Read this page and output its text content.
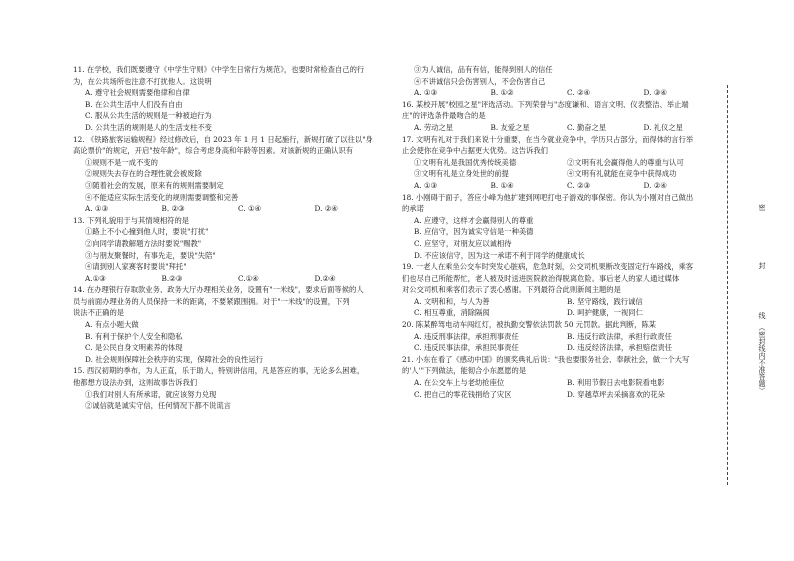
11. 在学校，我们既要遵守《中学生守则》《中学生日常行为规范》，也要时常检查自己的行

为，在公共场所也注意不打扰他人。这说明

A. 遵守社会规则需要他律和自律

B. 在公共生活中人们没有自由

C. 服从公共生活的规则是一种被迫行为

D. 公共生活的规则是人的生活支柱不变

12. 《铁路旅客运输规程》经过修改后，自 2023 年 1 月 1 日起施行，新规打破了以往以"身

高论票价"的规定，开启"按年龄"，综合考虑身高和年龄等因素。对该新规的正确认识有

①规则不是一成不变的

②规则失去存在的合理性就会被废除

③随着社会的发展，原来有的规则需要制定

④不能适应实际生活变化的规则需要调整和完善

A. ①③	B. ②③	C. ①④	D. ②④

13. 下列礼貌用于与其情境相符的是

①路上不小心撞到他人时，要说"打扰"

②向同学请教解题方法时要说"赐教"

③与朋友聚餐时，有事先走，要说"失陪"

④请到别人家赛客时要说"拜托"

A.①③	B.②③	C.①④	D.②④

14. 在办理银行存取款业务、政务大厅办理相关业务，设置有"一米线"，要求后面等候的人

员与前面办理业务的人员保持一米的距离，不要紧跟围拥。对于"一米线"的设置，下列

说法不正确的是

A. 有点小题大做

B. 有利于保护个人安全和隐私

C. 是公民自身文明素养的体现

D. 社会规则保障社会秩序的实现，保障社会的良性运行

15. 西汉初期的季布，为人正直，乐于助人，特别讲信用，凡是答应的事，无论多么困难，

他都想方设法办到，这则故事告诉我们

①我们对别人有所承诺，就应该努力兑现

②诚信就是诚实守信，任何情况下都不说谎言

③为人诚信，品有有信，能得到别人的信任

④不讲诚信只会伤害别人，不会伤害自己

A. ①③	B. ①②	C. ②④	D. ③④

16. 某校开展"校园之星"评选活动。下列荣誉与"态度谦和、语言文明、仪表整洁、举止端

庄"的评选条件最吻合的是

A. 劳动之星	B. 友爱之星	C. 勤奋之星	D. 礼仪之星

17. 文明有礼对于我们来说十分重要，在当今就业竞争中，学历只占部分，而得体的言行举

止会使你在竞争中占据更大优势。这告诉我们

①文明有礼是我国优秀传统美德	②文明有礼会赢得他人的尊重与认可
③文明有礼是立身处世的前提	④文明有礼就能在竞争中获得成功
A. ①③	B. ①④	C. ②③	D. ②④

18. 小刚碍于面子，答应小峰为他扩建到网吧打电子游戏的事保密。你认为小刚对自己做出

的承诺

A. 应遵守，这样才会赢得别人的尊重

B. 应信守，因为诚实守信是一种美德

C. 应坚守，对朋友应以诚相待

D. 不应该信守，因为这一承诺不利于同学的健康成长

19. 一老人在乘坐公交车时突发心脏病，危急时刻，公交司机果断改变固定行车路线，乘客

们也尽自己所能帮忙，老人被及时送进医院救治得脱离危险。事后老人的家人通过媒体

对公交司机和乘客们表示了衷心感谢。下列最符合此则新闻主题的是

A. 文明和和，与人为善	B. 坚守路线，践行诚信
C. 相互尊重，消除隔阂	D. 呵护健康，一视同仁

20. 陈某醉驾电动车闯红灯，被执勤交警依法罚款 50 元罚款。据此判断，陈某

A. 违反刑事法律，承担刑事责任	B. 违反行政法律，承担行政责任
C. 违反民事法律，承担民事责任	D. 违反经济法律，承担赔偿责任

21. 小东在看了《感动中国》的颁奖典礼后说："我也要服务社会、奉献社会，做一个大写

的'人'"下列做法，能彻合小东愿愿的是

A. 在公交车上与老幼抢座位	B. 利用节假日去电影院看电影
C. 把自己的零花钱捐给了灾区	D. 穿越草坪去采摘喜欢的花朵
密
封
线
（密封线内不准答题）
